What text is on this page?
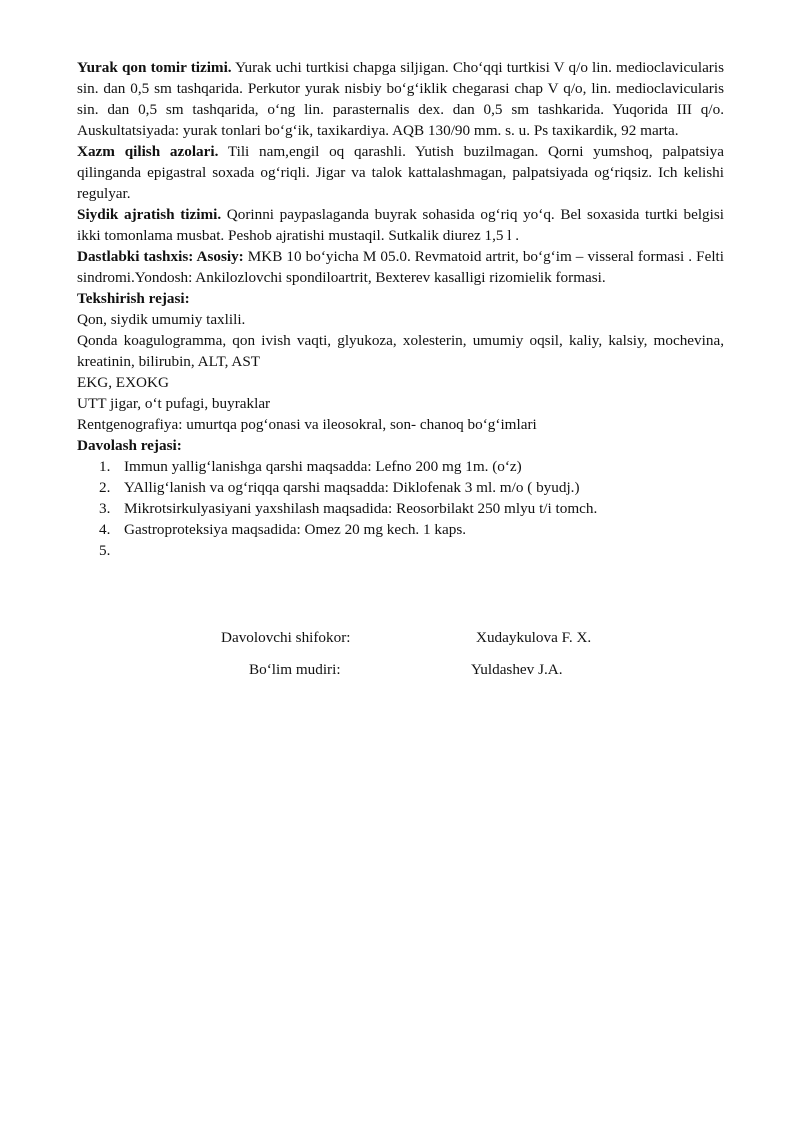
Yurak qon tomir tizimi. Yurak uchi turtkisi chapga siljigan. Cho‘qqi turtkisi V q/o lin. medioclavicularis sin. dan 0,5 sm tashqarida. Perkutor yurak nisbiy bo‘g‘iklik chegarasi chap V q/o, lin. medioclavicularis sin. dan 0,5 sm tashqarida, o‘ng lin. parasternalis dex. dan 0,5 sm tashkarida. Yuqorida III q/o. Auskultatsiyada: yurak tonlari bo‘g‘ik, taxikardiya. AQB 130/90 mm. s. u. Ps taxikardik, 92 marta.

Xazm qilish azolari. Tili nam,engil oq qarashli. Yutish buzilmagan. Qorni yumshoq, palpatsiya qilinganda epigastral soxada og‘riqli. Jigar va talok kattalashmagan, palpatsiyada og‘riqsiz. Ich kelishi regulyar.

Siydik ajratish tizimi. Qorinni paypaslaganda buyrak sohasida og‘riq yo‘q. Bel soxasida turtki belgisi ikki tomonlama musbat. Peshob ajratishi mustaqil. Sutkalik diurez 1,5 l .

Dastlabki tashxis: Asosiy: MKB 10 bo‘yicha M 05.0. Revmatoid artrit, bo‘g‘im – visseral formasi . Felti sindromi.Yondosh: Ankilozlovchi spondiloartrit, Bexterev kasalligi rizomielik formasi.

Tekshirish rejasi:

Qon, siydik umumiy taxlili.

Qonda koagulogramma, qon ivish vaqti, glyukoza, xolesterin, umumiy oqsil, kaliy, kalsiy, mochevina, kreatinin, bilirubin, ALT, AST

EKG, EXOKG

UTT jigar, o‘t pufagi, buyraklar

Rentgenografiya: umurtqa pog‘onasi va ileosokral, son- chanoq bo‘g‘imlari

Davolash rejasi:

1. Immun yallig‘lanishga qarshi maqsadda: Lefno 200 mg 1m. (o‘z)
2. YAllig‘lanish va og‘riqqa qarshi maqsadda: Diklofenak 3 ml. m/o ( byudj.)
3. Mikrotsirkulyasiyani yaxshilash maqsadida: Reosorbilakt 250 mlyu t/i tomch.
4. Gastroproteksiya maqsadida: Omez 20 mg kech. 1 kaps.
5.
Davolovchi shifokor:	Xudaykulova F. X.
Bo‘lim mudiri:	Yuldashev J.A.
